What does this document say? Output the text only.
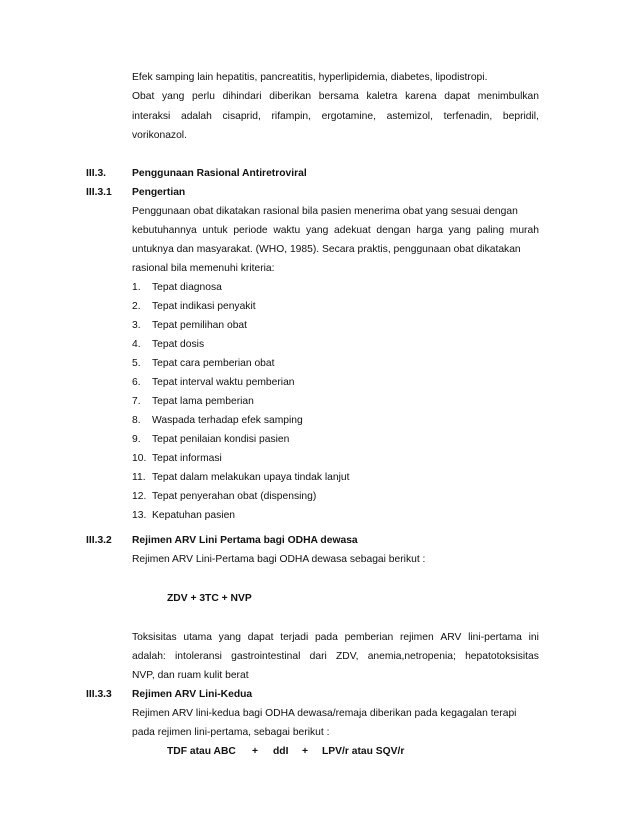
Efek samping lain hepatitis, pancreatitis, hyperlipidemia, diabetes, lipodistropi.
Obat yang perlu dihindari diberikan bersama kaletra karena dapat menimbulkan
interaksi adalah cisaprid, rifampin, ergotamine, astemizol, terfenadin, bepridil,
vorikonazol.
III.3.	Penggunaan Rasional Antiretroviral
III.3.1 Pengertian
Penggunaan obat dikatakan rasional bila pasien menerima obat yang sesuai dengan
kebutuhannya untuk periode waktu yang adekuat dengan harga yang paling murah
untuknya dan masyarakat. (WHO, 1985). Secara praktis, penggunaan obat dikatakan
rasional bila memenuhi kriteria:
1. Tepat diagnosa
2. Tepat indikasi penyakit
3. Tepat pemilihan obat
4. Tepat dosis
5. Tepat cara pemberian obat
6. Tepat interval waktu pemberian
7. Tepat lama pemberian
8. Waspada terhadap efek samping
9. Tepat penilaian kondisi pasien
10. Tepat informasi
11. Tepat dalam melakukan upaya tindak lanjut
12. Tepat penyerahan obat (dispensing)
13. Kepatuhan pasien
III.3.2 Rejimen ARV Lini Pertama bagi ODHA dewasa
Rejimen ARV Lini-Pertama bagi ODHA dewasa sebagai berikut :
ZDV + 3TC + NVP
Toksisitas utama yang dapat terjadi pada pemberian rejimen ARV lini-pertama ini
adalah: intoleransi gastrointestinal dari ZDV, anemia,netropenia; hepatotoksisitas
NVP, dan ruam kulit berat
III.3.3 Rejimen ARV Lini-Kedua
Rejimen ARV lini-kedua bagi ODHA dewasa/remaja diberikan pada kegagalan terapi
pada rejimen lini-pertama, sebagai berikut :
TDF atau ABC + ddI + LPV/r atau SQV/r
